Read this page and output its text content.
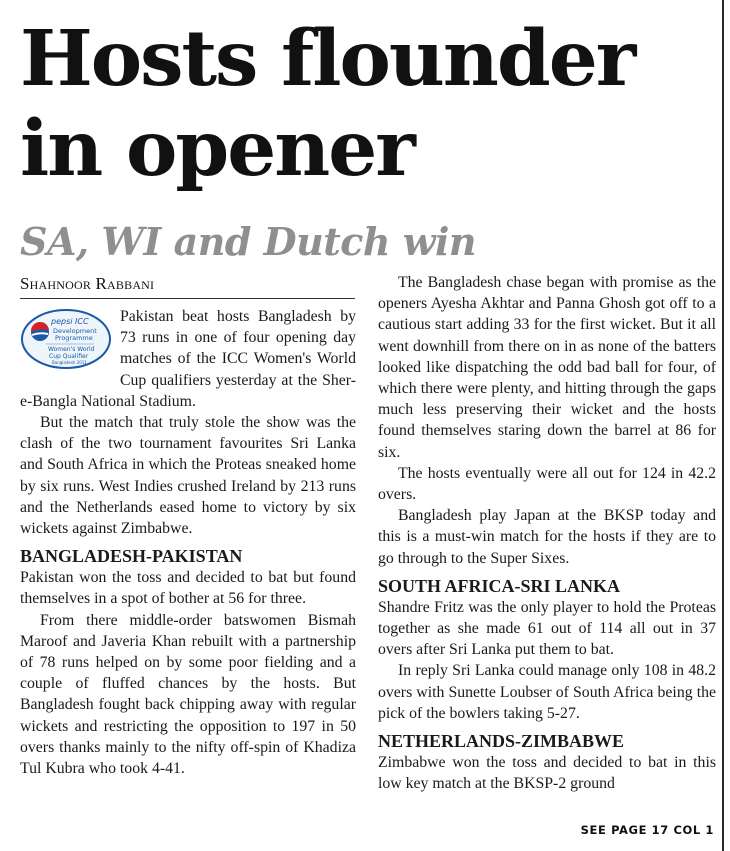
Hosts flounder
in opener
SA, WI and Dutch win
Shahnoor Rabbani
pepsi ICC
Development
Programme
Women's World
Cup Qualifier
Bangladesh 2011

Pakistan beat hosts Bangladesh by 73 runs in one of four opening day matches of the ICC Women's World Cup qualifiers yesterday at the Sher-e-Bangla National Stadium.

But the match that truly stole the show was the clash of the two tournament favourites Sri Lanka and South Africa in which the Proteas sneaked home by six runs. West Indies crushed Ireland by 213 runs and the Netherlands eased home to victory by six wickets against Zimbabwe.

BANGLADESH-PAKISTAN

Pakistan won the toss and decided to bat but found themselves in a spot of bother at 56 for three.

From there middle-order batswomen Bismah Maroof and Javeria Khan rebuilt with a partnership of 78 runs helped on by some poor fielding and a couple of fluffed chances by the hosts. But Bangladesh fought back chipping away with regular wickets and restricting the opposition to 197 in 50 overs thanks mainly to the nifty off-spin of Khadiza Tul Kubra who took 4-41.

The Bangladesh chase began with promise as the openers Ayesha Akhtar and Panna Ghosh got off to a cautious start adding 33 for the first wicket. But it all went downhill from there on in as none of the batters looked like dispatching the odd bad ball for four, of which there were plenty, and hitting through the gaps much less preserving their wicket and the hosts found themselves staring down the barrel at 86 for six.

The hosts eventually were all out for 124 in 42.2 overs.

Bangladesh play Japan at the BKSP today and this is a must-win match for the hosts if they are to go through to the Super Sixes.

SOUTH AFRICA-SRI LANKA

Shandre Fritz was the only player to hold the Proteas together as she made 61 out of 114 all out in 37 overs after Sri Lanka put them to bat.

In reply Sri Lanka could manage only 108 in 48.2 overs with Sunette Loubser of South Africa being the pick of the bowlers taking 5-27.

NETHERLANDS-ZIMBABWE

Zimbabwe won the toss and decided to bat in this low key match at the BKSP-2 ground

SEE PAGE 17 COL 1
